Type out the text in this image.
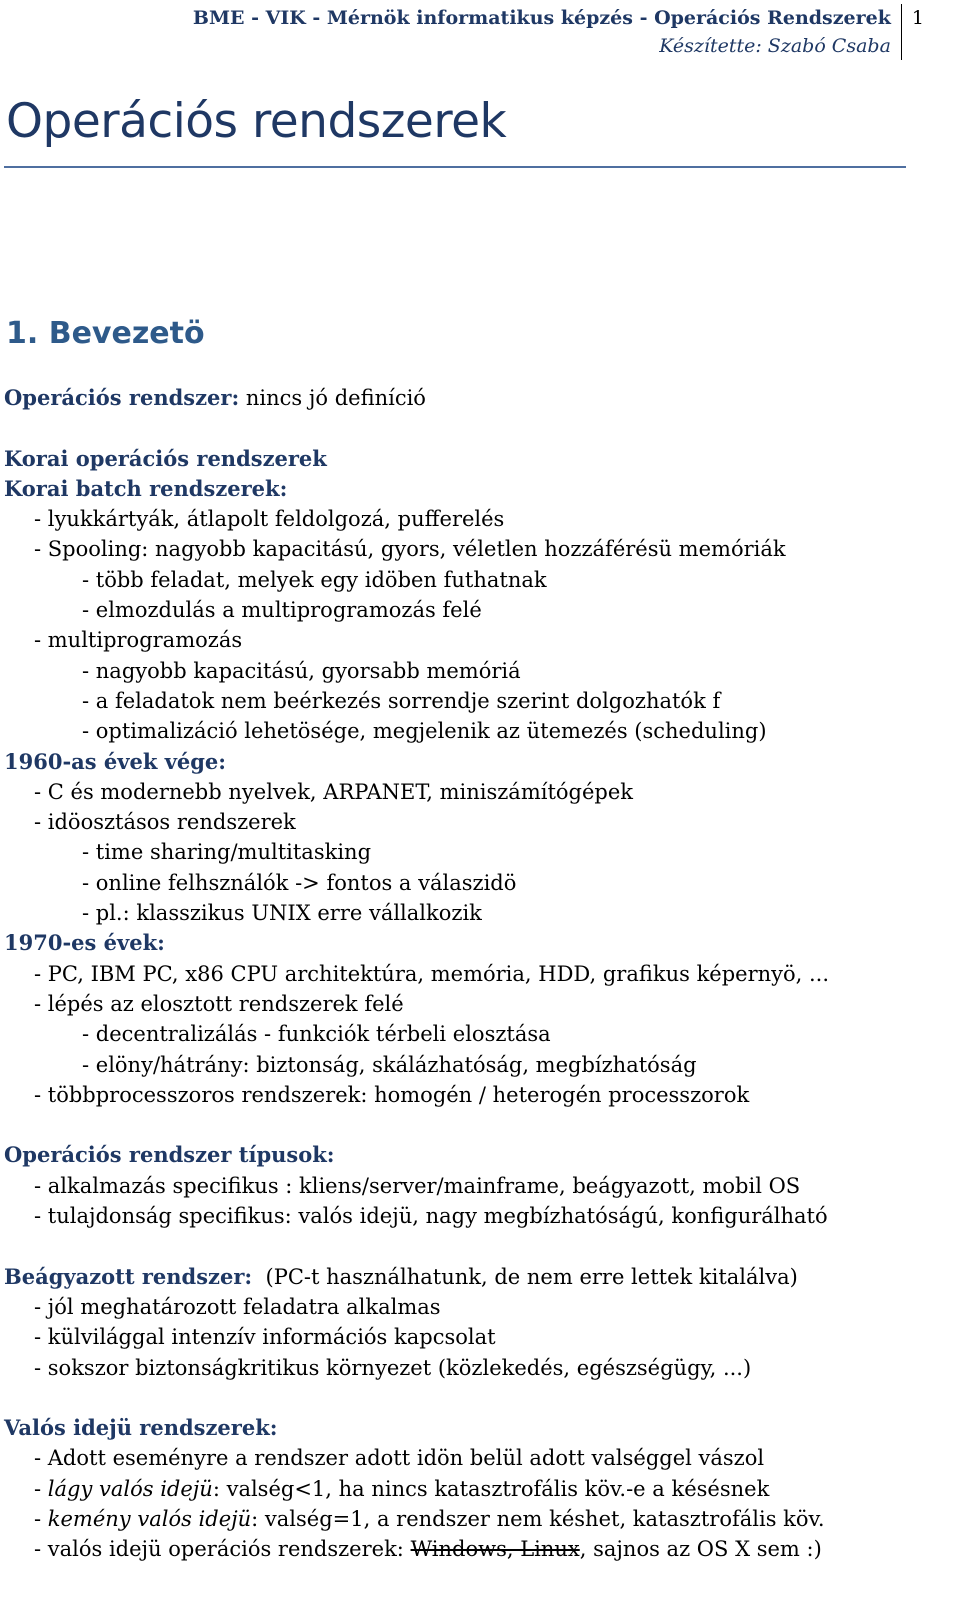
BME - VIK - Mérnök informatikus képzés - Operációs Rendszerek
Készítette: Szabó Csaba
1
Operációs rendszerek
1. Bevezetö
Operációs rendszer: nincs jó definíció
Korai operációs rendszerek
Korai batch rendszerek:
- lyukkártyák, átlapolt feldolgozá, pufferelés
- Spooling: nagyobb kapacitású, gyors, véletlen hozzáférésü memóriák
- több feladat, melyek egy idöben futhatnak
- elmozdulás a multiprogramozás felé
- multiprogramozás
- nagyobb kapacitású, gyorsabb memóriá
- a feladatok nem beérkezés sorrendje szerint dolgozhatók f
- optimalizáció lehetösége, megjelenik az ütemezés (scheduling)
1960-as évek vége:
- C és modernebb nyelvek, ARPANET, miniszámítógépek
- idöosztásos rendszerek
- time sharing/multitasking
- online felhsználók -> fontos a válaszidö
- pl.: klasszikus UNIX erre vállalkozik
1970-es évek:
- PC, IBM PC, x86 CPU architektúra, memória, HDD, grafikus képernyö, ...
- lépés az elosztott rendszerek felé
- decentralizálás - funkciók térbeli elosztása
- elöny/hátrány: biztonság, skálázhatóság, megbízhatóság
- többprocesszoros rendszerek: homogén / heterogén processzorok
Operációs rendszer típusok:
- alkalmazás specifikus : kliens/server/mainframe, beágyazott, mobil OS
- tulajdonság specifikus: valós idejü, nagy megbízhatóságú, konfigurálható
Beágyazott rendszer:  (PC-t használhatunk, de nem erre lettek kitalálva)
- jól meghatározott feladatra alkalmas
- külvilággal intenzív információs kapcsolat
- sokszor biztonságkritikus környezet (közlekedés, egészségügy, ...)
Valós idejü rendszerek:
- Adott eseményre a rendszer adott idön belül adott valséggel vászol
- lágy valós idejü: valség<1, ha nincs katasztrofális köv.-e a késésnek
- kemény valós idejü: valség=1, a rendszer nem késhet, katasztrofális köv.
- valós idejü operációs rendszerek: Windows, Linux, sajnos az OS X sem :)
